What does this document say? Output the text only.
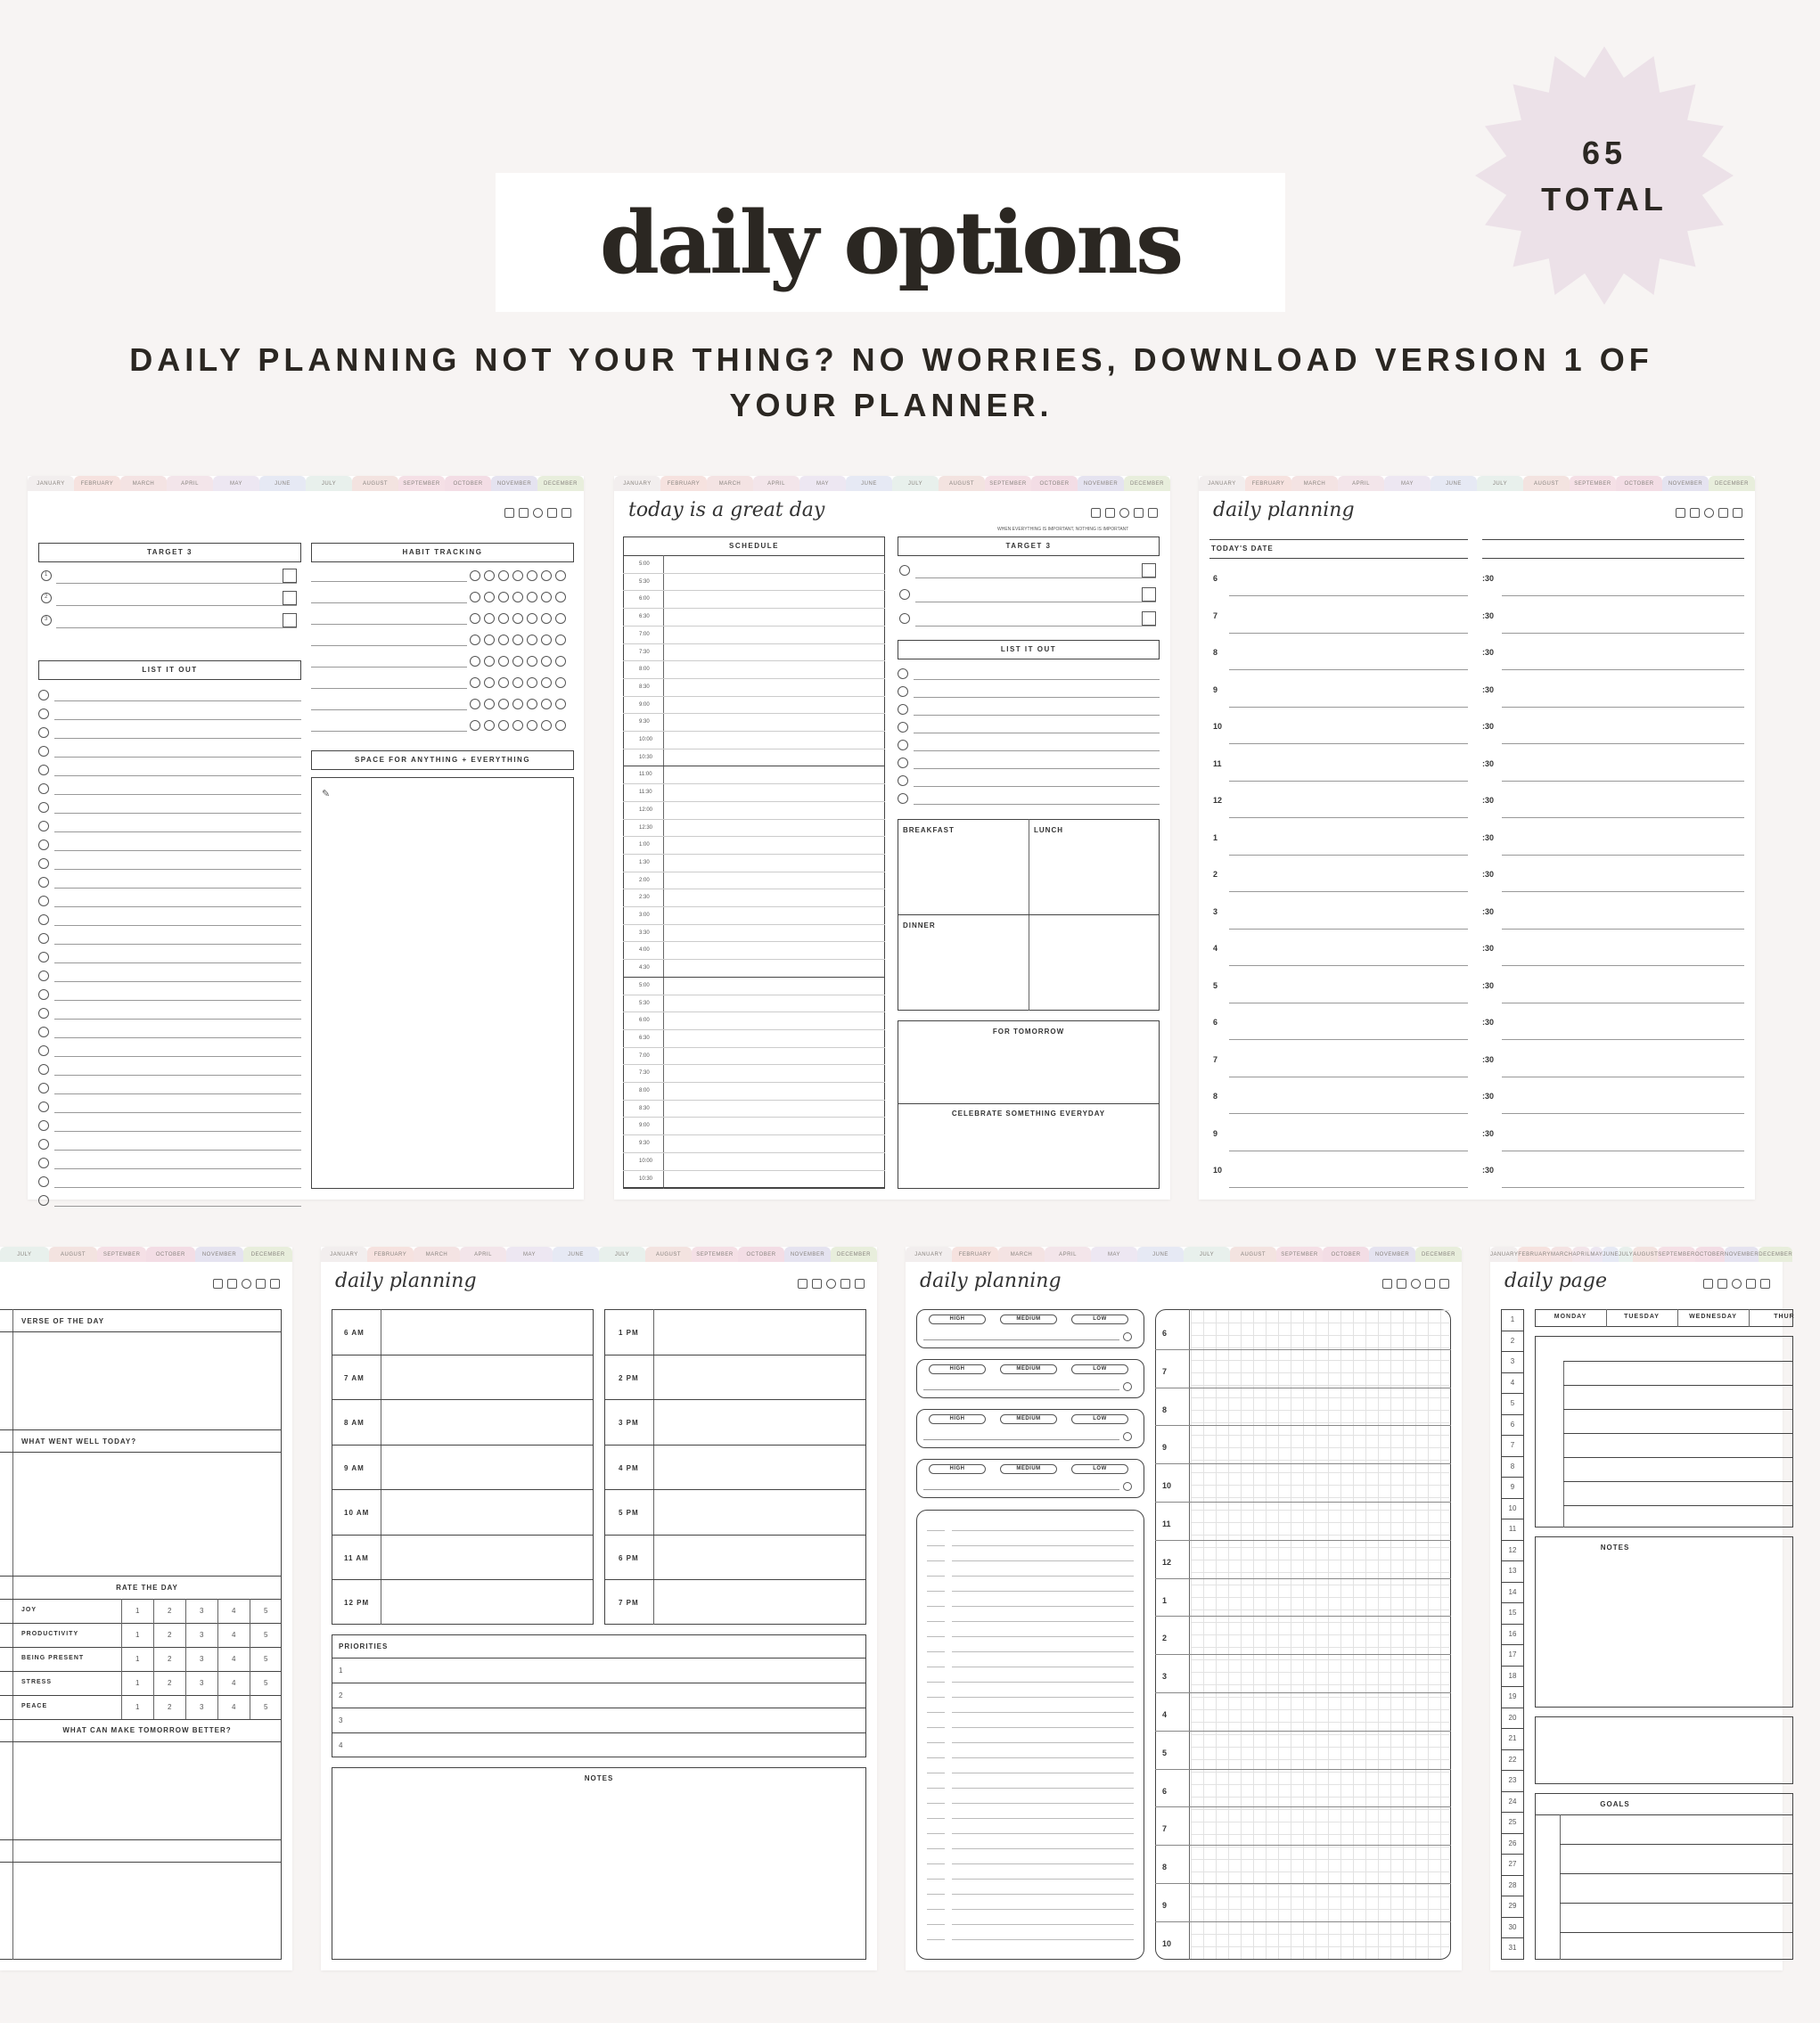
daily options
65
TOTAL
DAILY PLANNING NOT YOUR THING? NO WORRIES, DOWNLOAD VERSION 1 OF YOUR PLANNER.
JANUARY	FEBRUARY	MARCH	APRIL	MAY	JUNE	JULY	AUGUST	SEPTEMBER	OCTOBER	NOVEMBER	DECEMBER
TARGET 3
1
2
3
LIST IT OUT
HABIT TRACKING
SPACE FOR ANYTHING + EVERYTHING
✎
JANUARY	FEBRUARY	MARCH	APRIL	MAY	JUNE	JULY	AUGUST	SEPTEMBER	OCTOBER	NOVEMBER	DECEMBER
today is a great day
WHEN EVERYTHING IS IMPORTANT, NOTHING IS IMPORTANT
SCHEDULE
5:00
5:30
6:00
6:30
7:00
7:30
8:00
8:30
9:00
9:30
10:00
10:30
11:00
11:30
12:00
12:30
1:00
1:30
2:00
2:30
3:00
3:30
4:00
4:30
5:00
5:30
6:00
6:30
7:00
7:30
8:00
8:30
9:00
9:30
10:00
10:30
TARGET 3
LIST IT OUT
BREAKFAST	LUNCH
DINNER
FOR TOMORROW
CELEBRATE SOMETHING EVERYDAY
JANUARY	FEBRUARY	MARCH	APRIL	MAY	JUNE	JULY	AUGUST	SEPTEMBER	OCTOBER	NOVEMBER	DECEMBER
daily planning
TODAY'S DATE
6	:30
7	:30
8	:30
9	:30
10	:30
11	:30
12	:30
1	:30
2	:30
3	:30
4	:30
5	:30
6	:30
7	:30
8	:30
9	:30
10	:30
JULY	AUGUST	SEPTEMBER	OCTOBER	NOVEMBER	DECEMBER
VERSE OF THE DAY
WHAT WENT WELL TODAY?
RATE THE DAY
JOY	1	2	3	4	5
PRODUCTIVITY	1	2	3	4	5
BEING PRESENT	1	2	3	4	5
STRESS	1	2	3	4	5
PEACE	1	2	3	4	5
WHAT CAN MAKE TOMORROW BETTER?
JANUARY	FEBRUARY	MARCH	APRIL	MAY	JUNE	JULY	AUGUST	SEPTEMBER	OCTOBER	NOVEMBER	DECEMBER
daily planning
6 AM
7 AM
8 AM
9 AM
10 AM
11 AM
12 PM
1 PM
2 PM
3 PM
4 PM
5 PM
6 PM
7 PM
PRIORITIES
1
2
3
4
NOTES
JANUARY	FEBRUARY	MARCH	APRIL	MAY	JUNE	JULY	AUGUST	SEPTEMBER	OCTOBER	NOVEMBER	DECEMBER
daily planning
HIGH	MEDIUM	LOW
HIGH	MEDIUM	LOW
HIGH	MEDIUM	LOW
HIGH	MEDIUM	LOW
6
7
8
9
10
11
12
1
2
3
4
5
6
7
8
9
10
JANUARY FEBRUARY MARCH APRIL MAY JUNE JULY AUGUST SEPTEMBER OCTOBER NOVEMBER DECEMBER
daily page
1
2
3
4
5
6
7
8
9
10
11
12
13
14
15
16
17
18
19
20
21
22
23
24
25
26
27
28
29
30
31
MONDAY	TUESDAY	WEDNESDAY	THUR
NOTES
GOALS
